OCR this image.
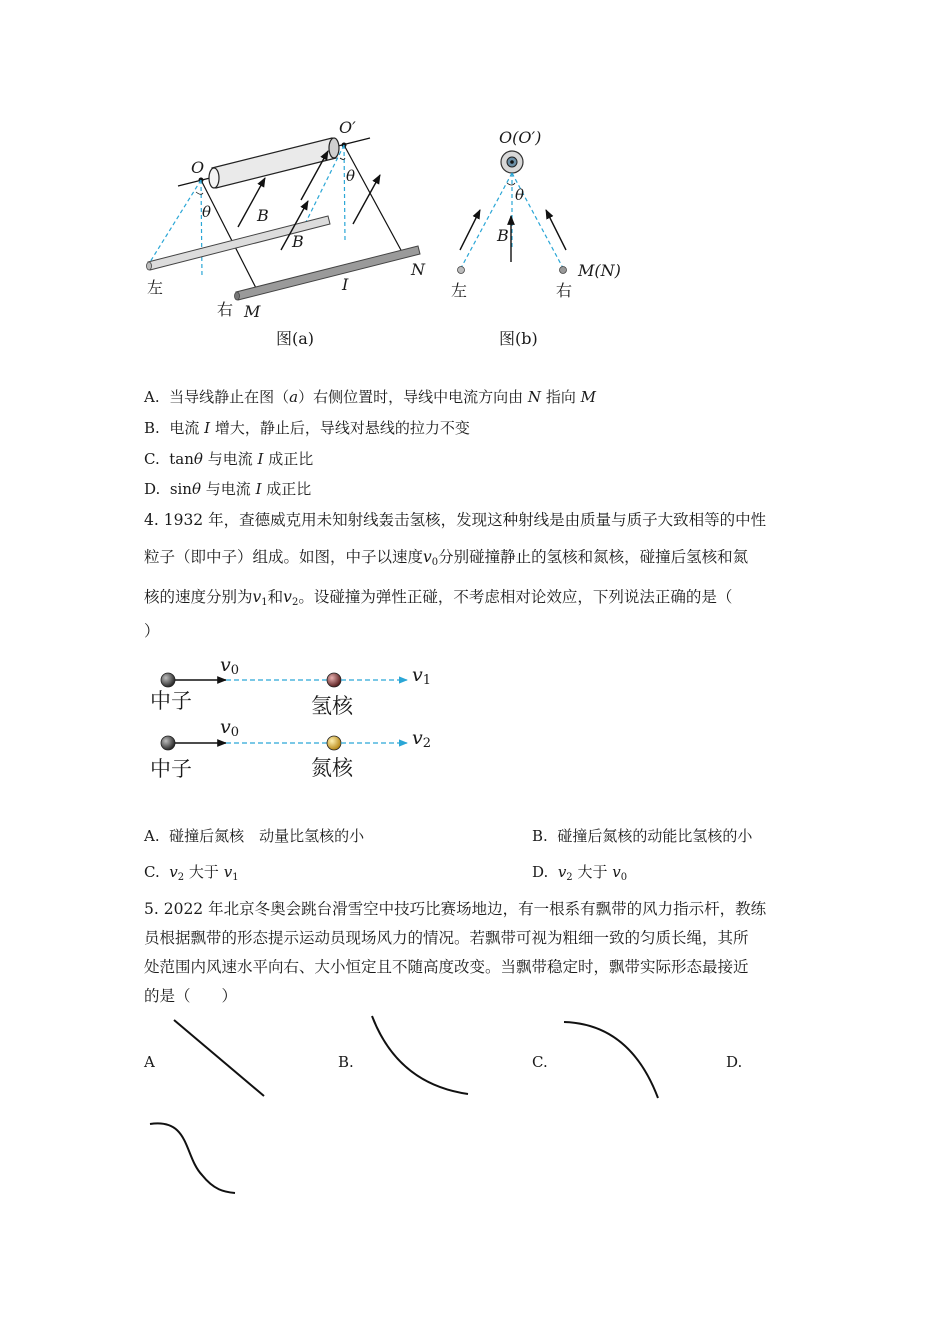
O
O′
θ
θ
B
B
左
右 M
I
N
图(a)
O(O′)
θ
B
左	右
M(N)
图(b)
A. 当导线静止在图（a）右侧位置时，导线中电流方向由 N 指向 M
B. 电流 I 增大，静止后，导线对悬线的拉力不变
C. tanθ 与电流 I 成正比
D. sinθ 与电流 I 成正比
4. 1932 年，查德威克用未知射线轰击氢核，发现这种射线是由质量与质子大致相等的中性
粒子（即中子）组成。如图，中子以速度$v_0$分别碰撞静止的氢核和氮核，碰撞后氢核和氮
核的速度分别为$v_1$和$v_2$。设碰撞为弹性正碰，不考虑相对论效应，下列说法正确的是（
）
$v_0$	$v_1$
中子	氢核
$v_0$	$v_2$
中子	氮核
A. 碰撞后氮核　动量比氢核的小	B. 碰撞后氮核的动能比氢核的小
C. $v_2$ 大于 $v_1$	D. $v_2$ 大于 $v_0$
5. 2022 年北京冬奥会跳台滑雪空中技巧比赛场地边，有一根系有飘带的风力指示杆，教练
员根据飘带的形态提示运动员现场风力的情况。若飘带可视为粗细一致的匀质长绳，其所
处范围内风速水平向右、大小恒定且不随高度改变。当飘带稳定时，飘带实际形态最接近
的是（　　）
A	B.	C.	D.
